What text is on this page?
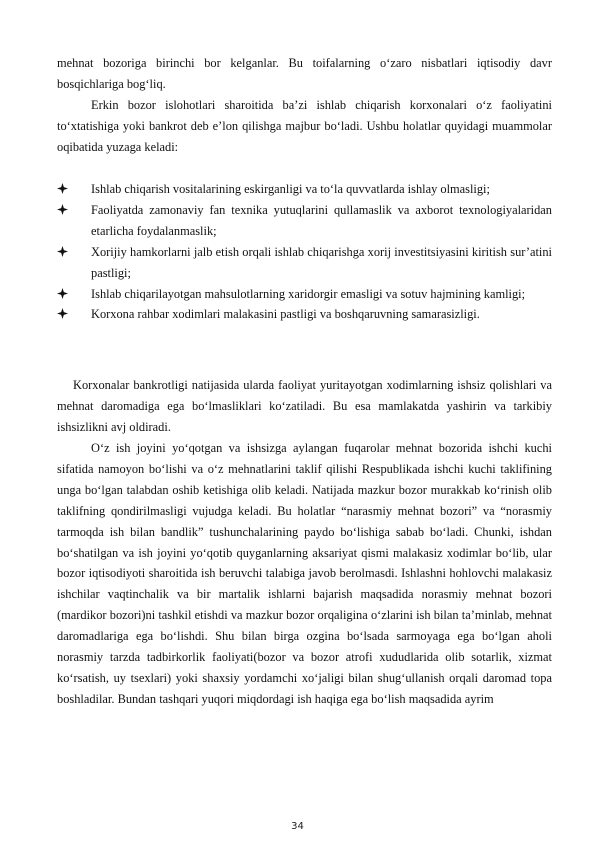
mehnat bozoriga birinchi bor kelganlar. Bu toifalarning o‘zaro nisbatlari iqtisodiy davr bosqichlariga bog‘liq.

Erkin bozor islohotlari sharoitida ba’zi ishlab chiqarish korxonalari o‘z faoliyatini to‘xtatishiga yoki bankrot deb e’lon qilishga majbur bo‘ladi. Ushbu holatlar quyidagi muammolar oqibatida yuzaga keladi:

Ishlab chiqarish vositalarining eskirganligi va to‘la quvvatlarda ishlay olmasligi;

Faoliyatda zamonaviy fan texnika yutuqlarini qullamaslik va axborot texnologiyalaridan etarlicha foydalanmaslik;

Xorijiy hamkorlarni jalb etish orqali ishlab chiqarishga xorij investitsiyasini kiritish sur’atini pastligi;

Ishlab chiqarilayotgan mahsulotlarning xaridorgir emasligi va sotuv hajmining kamligi;

Korxona rahbar xodimlari malakasini pastligi va boshqaruvning samarasizligi.

Korxonalar bankrotligi natijasida ularda faoliyat yuritayotgan xodimlarning ishsiz qolishlari va mehnat daromadiga ega bo‘lmasliklari ko‘zatiladi. Bu esa mamlakatda yashirin va tarkibiy ishsizlikni avj oldiradi.

O‘z ish joyini yo‘qotgan va ishsizga aylangan fuqarolar mehnat bozorida ishchi kuchi sifatida namoyon bo‘lishi va o‘z mehnatlarini taklif qilishi Respublikada ishchi kuchi taklifining unga bo‘lgan talabdan oshib ketishiga olib keladi. Natijada mazkur bozor murakkab ko‘rinish olib taklifning qondirilmasligi vujudga keladi. Bu holatlar “narasmiy mehnat bozori” va “norasmiy tarmoqda ish bilan bandlik” tushunchalarining paydo bo‘lishiga sabab bo‘ladi. Chunki, ishdan bo‘shatilgan va ish joyini yo‘qotib quyganlarning aksariyat qismi malakasiz xodimlar bo‘lib, ular bozor iqtisodiyoti sharoitida ish beruvchi talabiga javob berolmasdi. Ishlashni hohlovchi malakasiz ishchilar vaqtinchalik va bir martalik ishlarni bajarish maqsadida norasmiy mehnat bozori (mardikor bozori)ni tashkil etishdi va mazkur bozor orqaligina o‘zlarini ish bilan ta’minlab, mehnat daromadlariga ega bo‘lishdi. Shu bilan birga ozgina bo‘lsada sarmoyaga ega bo‘lgan aholi norasmiy tarzda tadbirkorlik faoliyati(bozor va bozor atrofi xududlarida olib sotarlik, xizmat ko‘rsatish, uy tsexlari) yoki shaxsiy yordamchi xo‘jaligi bilan shug‘ullanish orqali daromad topa boshladilar. Bundan tashqari yuqori miqdordagi ish haqiga ega bo‘lish maqsadida ayrim

34
